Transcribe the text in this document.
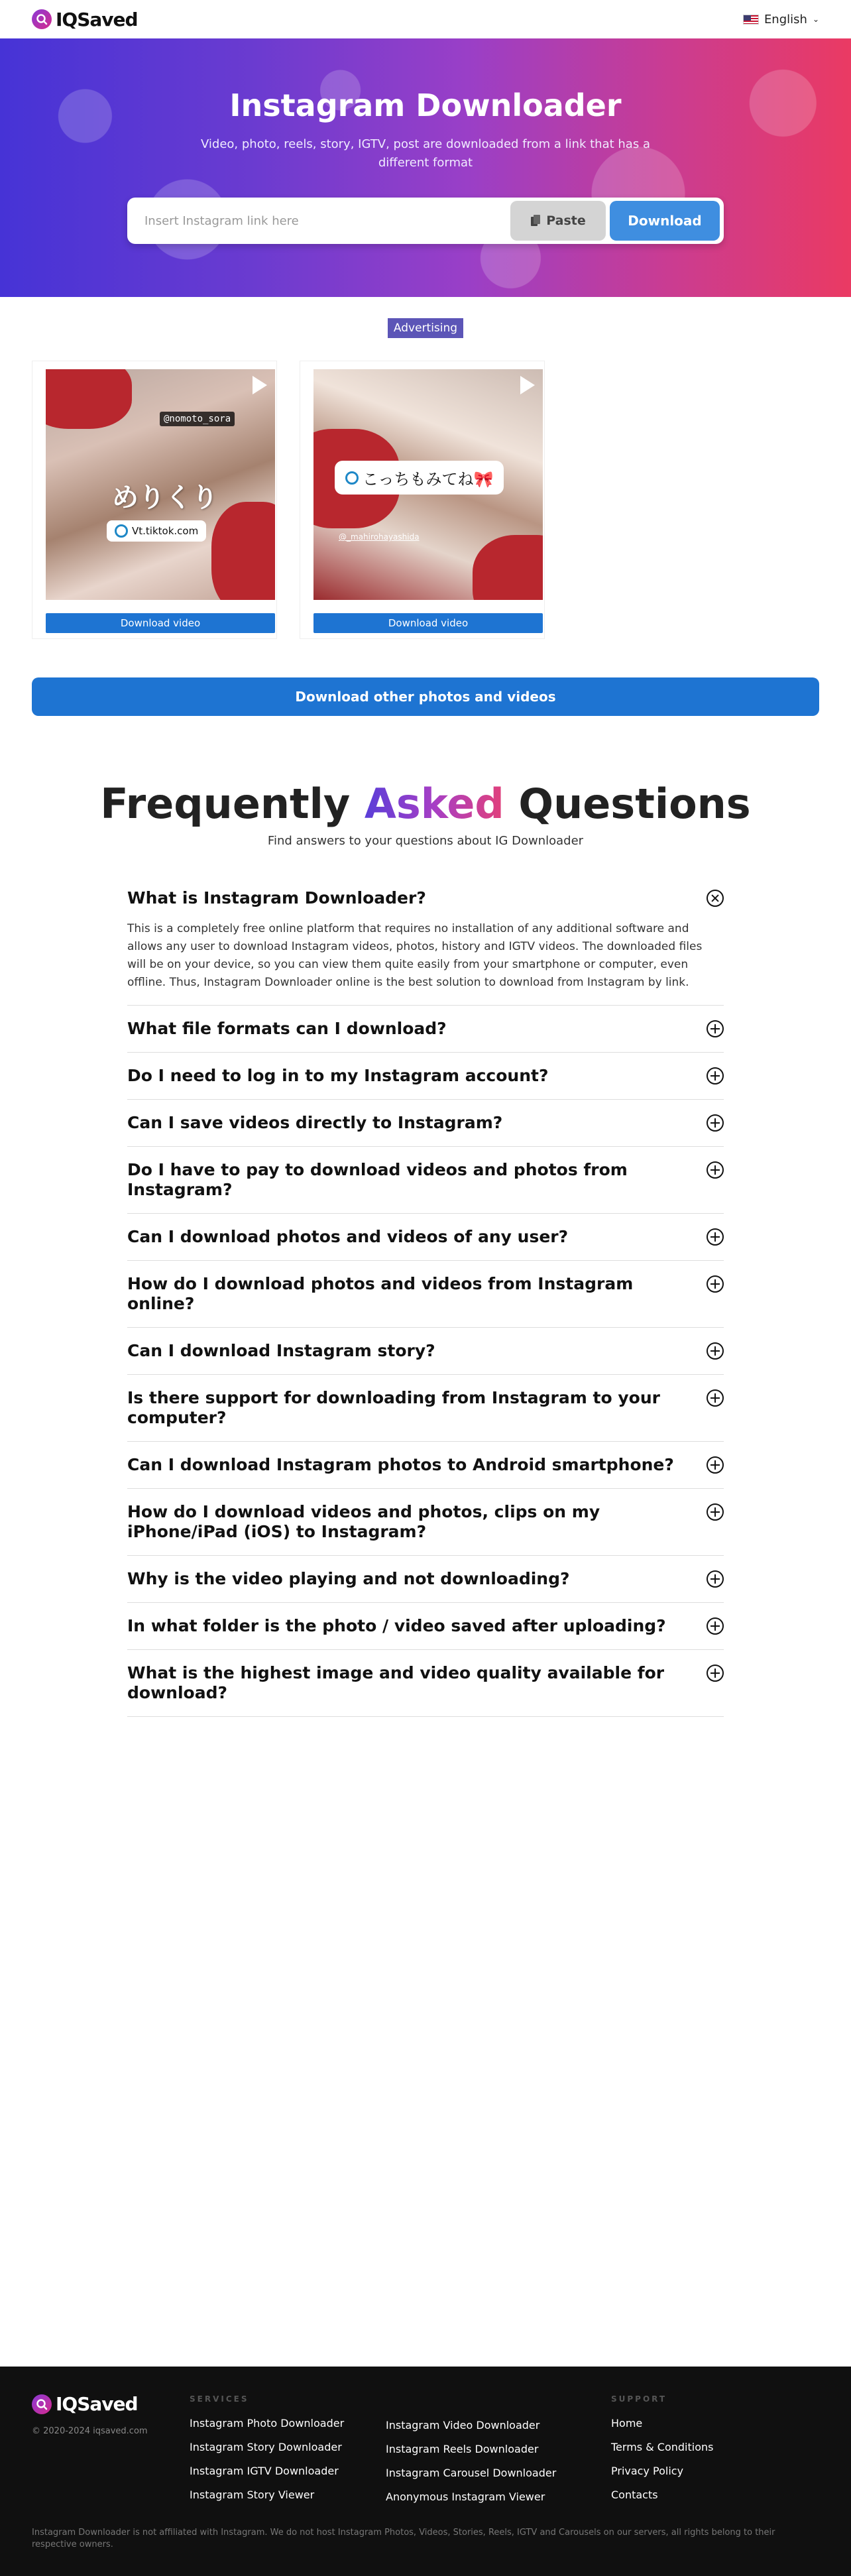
IQSaved	English ⌄
Instagram Downloader

Video, photo, reels, story, IGTV, post are downloaded from a link that has a different format

Insert Instagram link here
Paste	Download
Advertising
@nomoto_sora
めりくり
Vt.tiktok.com
Download video
こっちもみてね🎀
@_mahirohayashida
Download video
Download other photos and videos
Frequently Asked Questions

Find answers to your questions about IG Downloader

What is Instagram Downloader?
This is a completely free online platform that requires no installation of any additional software and allows any user to download Instagram videos, photos, history and IGTV videos. The downloaded files will be on your device, so you can view them quite easily from your smartphone or computer, even offline. Thus, Instagram Downloader online is the best solution to download from Instagram by link.
What file formats can I download?
Do I need to log in to my Instagram account?
Can I save videos directly to Instagram?
Do I have to pay to download videos and photos from Instagram?
Can I download photos and videos of any user?
How do I download photos and videos from Instagram online?
Can I download Instagram story?
Is there support for downloading from Instagram to your computer?
Can I download Instagram photos to Android smartphone?
How do I download videos and photos, clips on my iPhone/iPad (iOS) to Instagram?
Why is the video playing and not downloading?
In what folder is the photo / video saved after uploading?
What is the highest image and video quality available for download?
IQSaved
© 2020-2024 iqsaved.com
SERVICES
Instagram Photo Downloader
Instagram Story Downloader
Instagram IGTV Downloader
Instagram Story Viewer
Instagram Video Downloader
Instagram Reels Downloader
Instagram Carousel Downloader
Anonymous Instagram Viewer
SUPPORT
Home
Terms & Conditions
Privacy Policy
Contacts
Instagram Downloader is not affiliated with Instagram. We do not host Instagram Photos, Videos, Stories, Reels, IGTV and Carousels on our servers, all rights belong to their respective owners.
